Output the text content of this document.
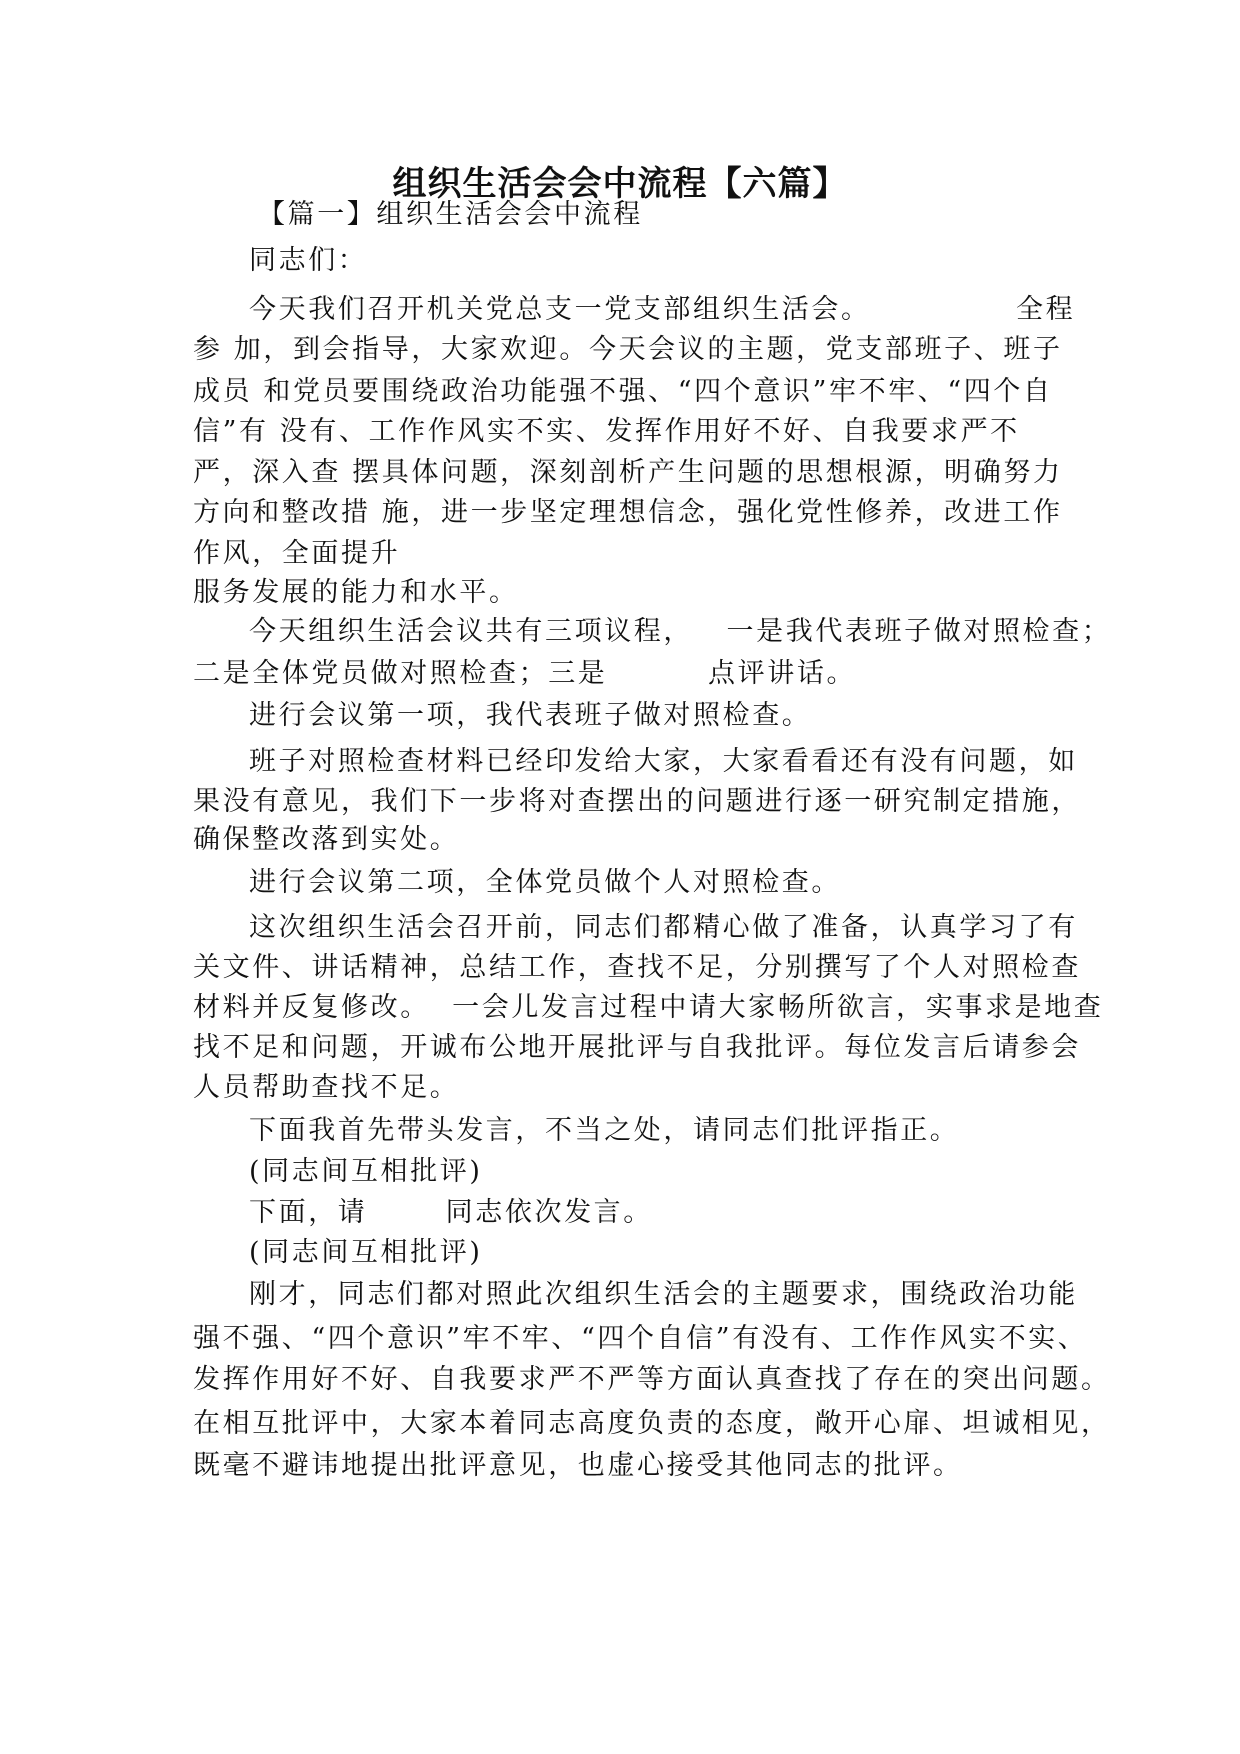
组织生活会会中流程【六篇】
【篇一】组织生活会会中流程
同志们：
今天我们召开机关党总支一党支部组织生活会。             全程
参 加，到会指导，大家欢迎。今天会议的主题，党支部班子、班子
成员 和党员要围绕政治功能强不强、“四个意识”牢不牢、“四个自
信”有 没有、工作作风实不实、发挥作用好不好、自我要求严不
严，深入查 摆具体问题，深刻剖析产生问题的思想根源，明确努力
方向和整改措 施，进一步坚定理想信念，强化党性修养，改进工作
作风，全面提升
服务发展的能力和水平。
今天组织生活会议共有三项议程，   一是我代表班子做对照检查；
二是全体党员做对照检查；三是         点评讲话。
进行会议第一项，我代表班子做对照检查。
班子对照检查材料已经印发给大家，大家看看还有没有问题，如
果没有意见，我们下一步将对查摆出的问题进行逐一研究制定措施，
确保整改落到实处。
进行会议第二项，全体党员做个人对照检查。
这次组织生活会召开前，同志们都精心做了准备，认真学习了有
关文件、讲话精神，总结工作，查找不足，分别撰写了个人对照检查
材料并反复修改。  一会儿发言过程中请大家畅所欲言，实事求是地查
找不足和问题，开诚布公地开展批评与自我批评。每位发言后请参会
人员帮助查找不足。
下面我首先带头发言，不当之处，请同志们批评指正。
(同志间互相批评)
下面，请       同志依次发言。
(同志间互相批评)
刚才，同志们都对照此次组织生活会的主题要求，围绕政治功能
强不强、“四个意识”牢不牢、“四个自信”有没有、工作作风实不实、
发挥作用好不好、自我要求严不严等方面认真查找了存在的突出问题。
在相互批评中，大家本着同志高度负责的态度，敞开心扉、坦诚相见，
既毫不避讳地提出批评意见，也虚心接受其他同志的批评。
